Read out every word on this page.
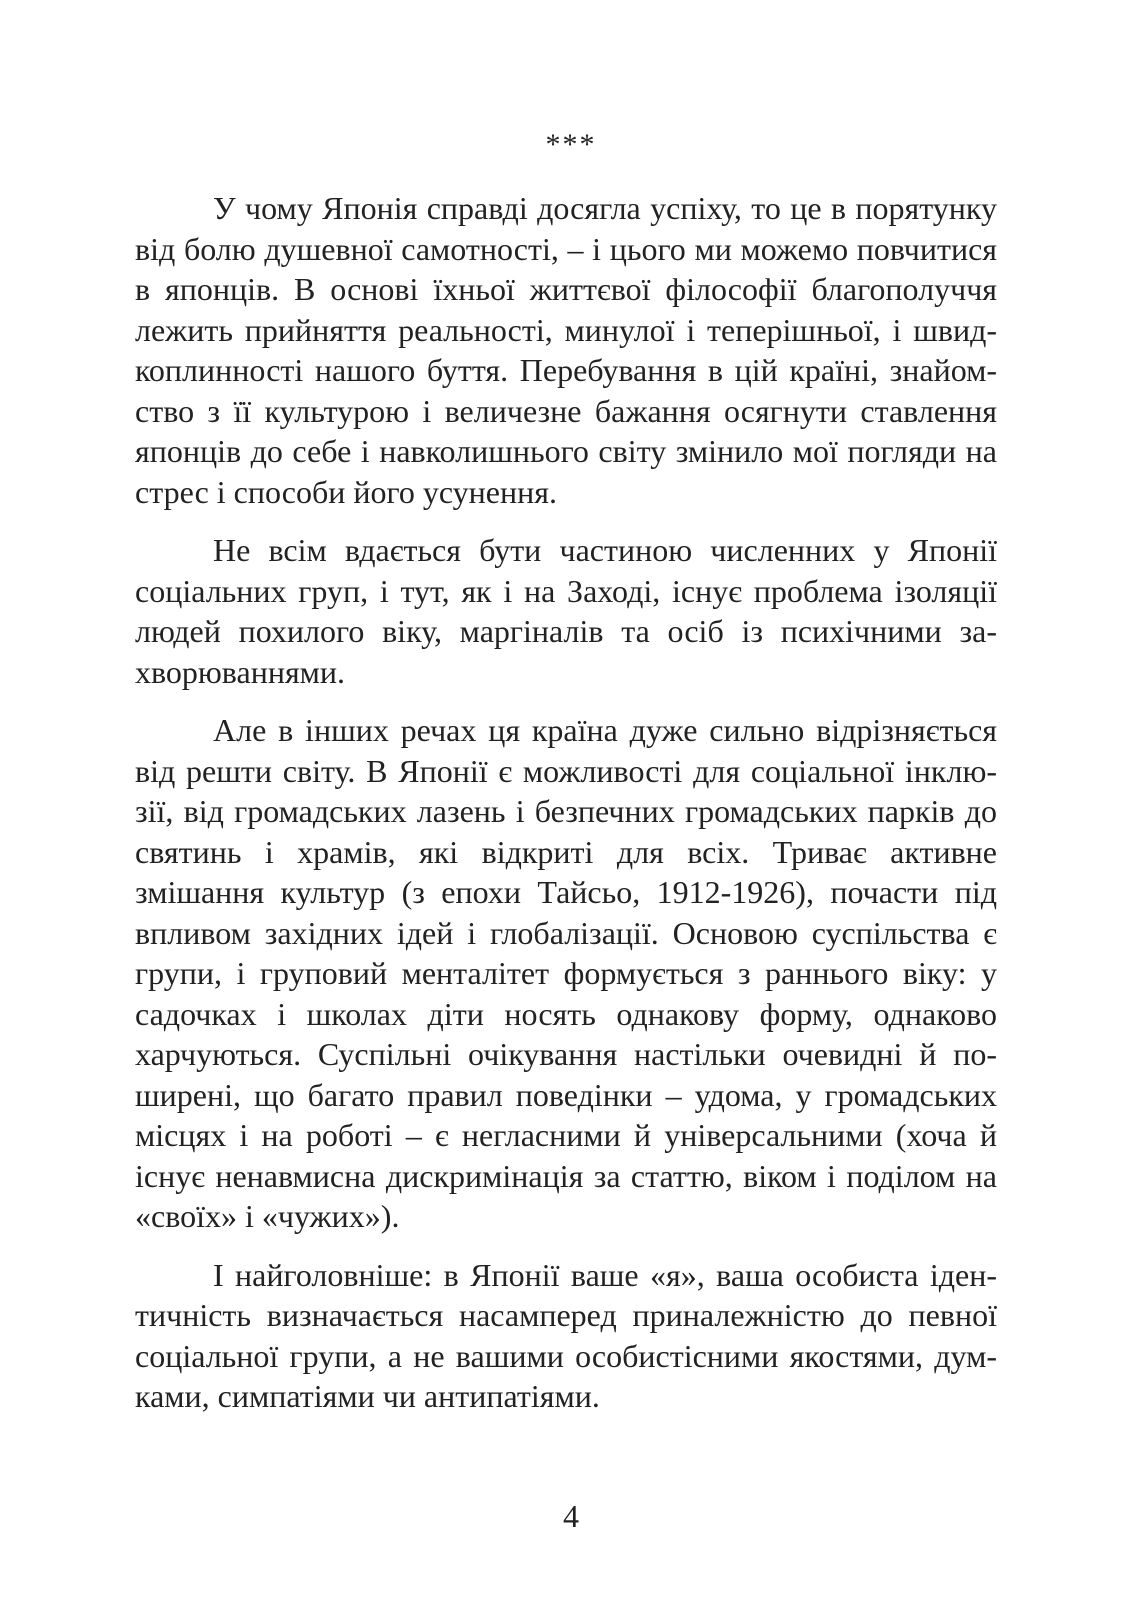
***

У чому Японія справді досягла успіху, то це в порятунку від болю душевної самотності, – і цього ми можемо повчитися в японців. В основі їхньої життєвої філософії благополуччя лежить прийняття реальності, минулої і теперішньої, і швидкоплинності нашого буття. Перебування в цій країні, знайомство з її культурою і величезне бажання осягнути ставлення японців до себе і навколишнього світу змінило мої погляди на стрес і способи його усунення.

Не всім вдається бути частиною численних у Японії соціальних груп, і тут, як і на Заході, існує проблема ізоляції людей похилого віку, маргіналів та осіб із психічними захворюваннями.

Але в інших речах ця країна дуже сильно відрізняється від решти світу. В Японії є можливості для соціальної інклюзії, від громадських лазень і безпечних громадських парків до святинь і храмів, які відкриті для всіх. Триває активне змішання культур (з епохи Тайсьо, 1912-1926), почасти під впливом західних ідей і глобалізації. Основою суспільства є групи, і груповий менталітет формується з раннього віку: у садочках і школах діти носять однакову форму, однаково харчуються. Суспільні очікування настільки очевидні й поширені, що багато правил поведінки – удома, у громадських місцях і на роботі – є негласними й універсальними (хоча й існує ненавмисна дискримінація за статтю, віком і поділом на «своїх» і «чужих»).

І найголовніше: в Японії ваше «я», ваша особиста ідентичність визначається насамперед приналежністю до певної соціальної групи, а не вашими особистісними якостями, думками, симпатіями чи антипатіями.

4
